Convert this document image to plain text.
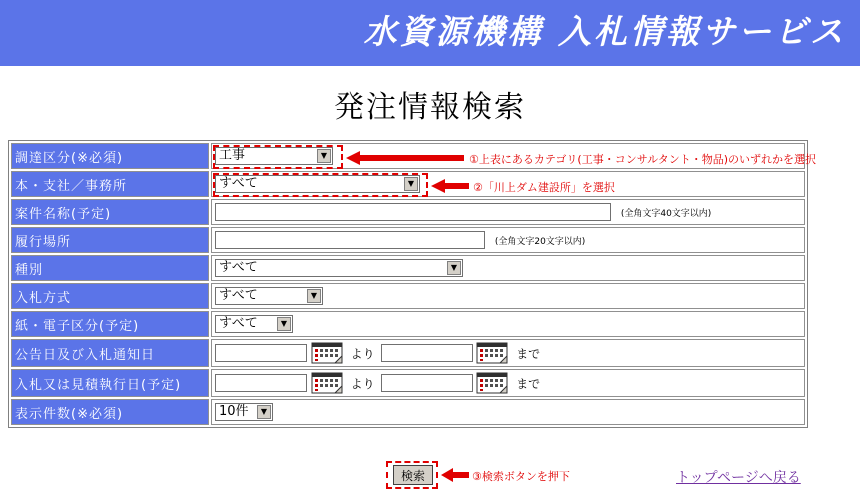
水資源機構 入札情報サービス
発注情報検索
調達区分(※必須)	工事 ▼

本・支社／事務所	すべて ▼

案件名称(予定)	(全角文字40文字以内)
履行場所	(全角文字20文字以内)
種別	すべて ▼

入札方式	すべて ▼

紙・電子区分(予定)	すべて ▼

公告日及び入札通知日	より まで
入札又は見積執行日(予定)	より まで
表示件数(※必須)	10件 ▼
①上表にあるカテゴリ(工事・コンサルタント・物品)のいずれかを選択
②「川上ダム建設所」を選択
③検索ボタンを押下
検索	トップページへ戻る
